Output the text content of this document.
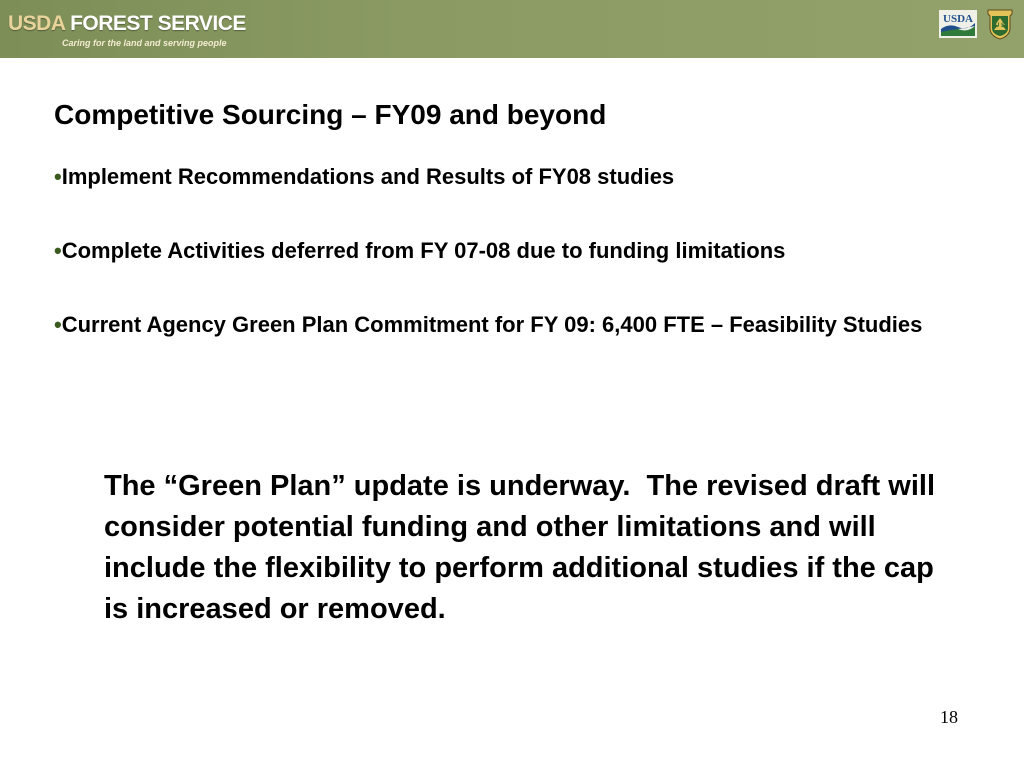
USDA FOREST SERVICE
Caring for the land and serving people
USDA
U S
Competitive Sourcing – FY09 and beyond
•Implement Recommendations and Results of FY08 studies
•Complete Activities deferred from FY 07-08 due to funding limitations
•Current Agency Green Plan Commitment for FY 09: 6,400 FTE – Feasibility Studies
The “Green Plan” update is underway.  The revised draft will consider potential funding and other limitations and will include the flexibility to perform additional studies if the cap is increased or removed.
18
